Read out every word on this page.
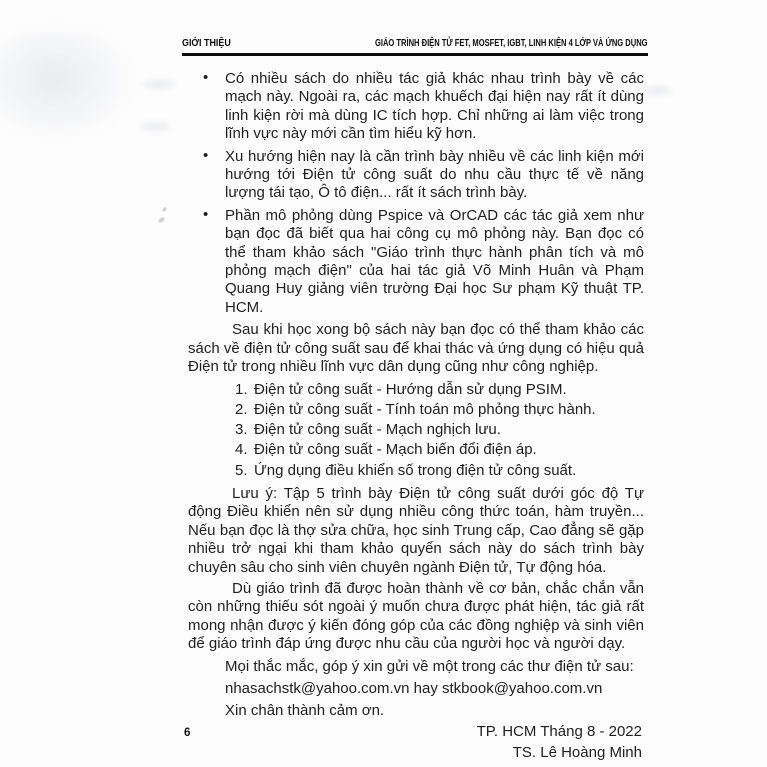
GIỚI THIỆU	GIÁO TRÌNH ĐIỆN TỬ FET, MOSFET, IGBT, LINH KIỆN 4 LỚP VÀ ỨNG DỤNG
• Có nhiều sách do nhiều tác giả khác nhau trình bày về các mạch này. Ngoài ra, các mạch khuếch đại hiện nay rất ít dùng linh kiện rời mà dùng IC tích hợp. Chỉ những ai làm việc trong lĩnh vực này mới cần tìm hiểu kỹ hơn.
• Xu hướng hiện nay là cần trình bày nhiều về các linh kiện mới hướng tới Điện tử công suất do nhu cầu thực tế về năng lượng tái tạo, Ô tô điện... rất ít sách trình bày.
• Phần mô phỏng dùng Pspice và OrCAD các tác giả xem như bạn đọc đã biết qua hai công cụ mô phỏng này. Bạn đọc có thể tham khảo sách "Giáo trình thực hành phân tích và mô phỏng mạch điện" của hai tác giả Võ Minh Huân và Phạm Quang Huy giảng viên trường Đại học Sư phạm Kỹ thuật TP. HCM.
Sau khi học xong bộ sách này bạn đọc có thể tham khảo các sách về điện tử công suất sau để khai thác và ứng dụng có hiệu quả Điện tử trong nhiều lĩnh vực dân dụng cũng như công nghiệp.
1. Điện tử công suất - Hướng dẫn sử dụng PSIM.
2. Điện tử công suất - Tính toán mô phỏng thực hành.
3. Điện tử công suất - Mạch nghịch lưu.
4. Điện tử công suất - Mạch biến đổi điện áp.
5. Ứng dụng điều khiển số trong điện tử công suất.
Lưu ý: Tập 5 trình bày Điện tử công suất dưới góc độ Tự động Điều khiển nên sử dụng nhiều công thức toán, hàm truyền... Nếu bạn đọc là thợ sửa chữa, học sinh Trung cấp, Cao đẳng sẽ gặp nhiều trở ngại khi tham khảo quyển sách này do sách trình bày chuyên sâu cho sinh viên chuyên ngành Điện tử, Tự động hóa.
Dù giáo trình đã được hoàn thành về cơ bản, chắc chắn vẫn còn những thiếu sót ngoài ý muốn chưa được phát hiện, tác giả rất mong nhận được ý kiến đóng góp của các đồng nghiệp và sinh viên để giáo trình đáp ứng được nhu cầu của người học và người dạy.
Mọi thắc mắc, góp ý xin gửi về một trong các thư điện tử sau:
nhasachstk@yahoo.com.vn hay stkbook@yahoo.com.vn
Xin chân thành cảm ơn.
TP. HCM Tháng 8 - 2022
TS. Lê Hoàng Minh
6
